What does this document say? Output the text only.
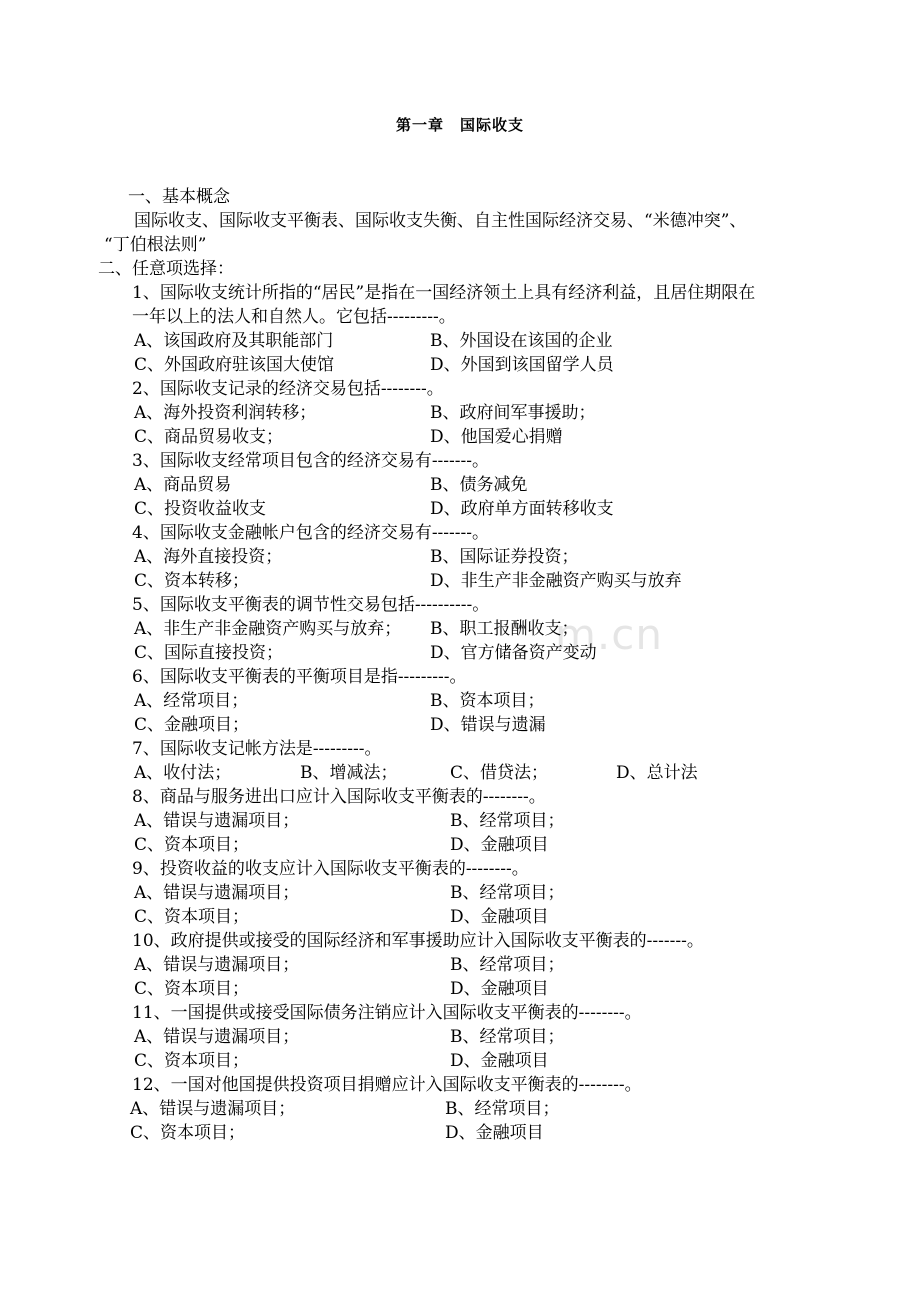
第一章　国际收支
一、基本概念
国际收支、国际收支平衡表、国际收支失衡、自主性国际经济交易、“米德冲突”、
“丁伯根法则”
二、任意项选择：
1、国际收支统计所指的“居民”是指在一国经济领土上具有经济利益，且居住期限在
一年以上的法人和自然人。它包括---------。
A、该国政府及其职能部门	B、外国设在该国的企业
C、外国政府驻该国大使馆	D、外国到该国留学人员
2、国际收支记录的经济交易包括--------。
A、海外投资利润转移；	B、政府间军事援助；
C、商品贸易收支；	D、他国爱心捐赠
3、国际收支经常项目包含的经济交易有-------。
A、商品贸易	B、债务减免
C、投资收益收支	D、政府单方面转移收支
4、国际收支金融帐户包含的经济交易有-------。
A、海外直接投资；	B、国际证券投资；
C、资本转移；	D、非生产非金融资产购买与放弃
5、国际收支平衡表的调节性交易包括----------。
A、非生产非金融资产购买与放弃； B、职工报酬收支；
C、国际直接投资；	D、官方储备资产变动
6、国际收支平衡表的平衡项目是指---------。
A、经常项目；	B、资本项目；
C、金融项目；	D、错误与遗漏
7、国际收支记帐方法是---------。
A、收付法；	B、增减法；	C、借贷法；	D、总计法
8、商品与服务进出口应计入国际收支平衡表的--------。
A、错误与遗漏项目；	B、经常项目；
C、资本项目；	D、金融项目
9、投资收益的收支应计入国际收支平衡表的--------。
A、错误与遗漏项目；	B、经常项目；
C、资本项目；	D、金融项目
10、政府提供或接受的国际经济和军事援助应计入国际收支平衡表的-------。
A、错误与遗漏项目；	B、经常项目；
C、资本项目；	D、金融项目
11、一国提供或接受国际债务注销应计入国际收支平衡表的--------。
A、错误与遗漏项目；	B、经常项目；
C、资本项目；	D、金融项目
12、一国对他国提供投资项目捐赠应计入国际收支平衡表的--------。
A、错误与遗漏项目；	B、经常项目；
C、资本项目；	D、金融项目
m.cn
